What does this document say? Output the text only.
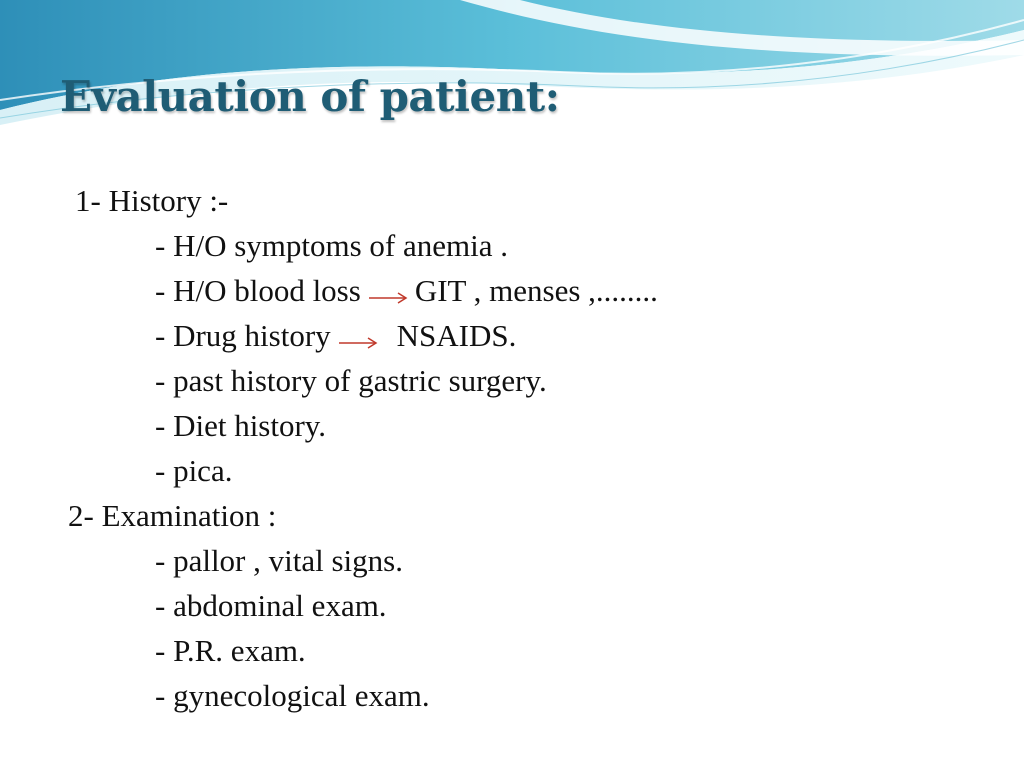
Evaluation of patient:
1- History :-
- H/O symptoms of anemia .
- H/O blood loss GIT , menses ,........
- Drug history NSAIDS.
- past history of gastric surgery.
- Diet history.
- pica.
2- Examination :
- pallor , vital signs.
- abdominal exam.
- P.R. exam.
- gynecological exam.
